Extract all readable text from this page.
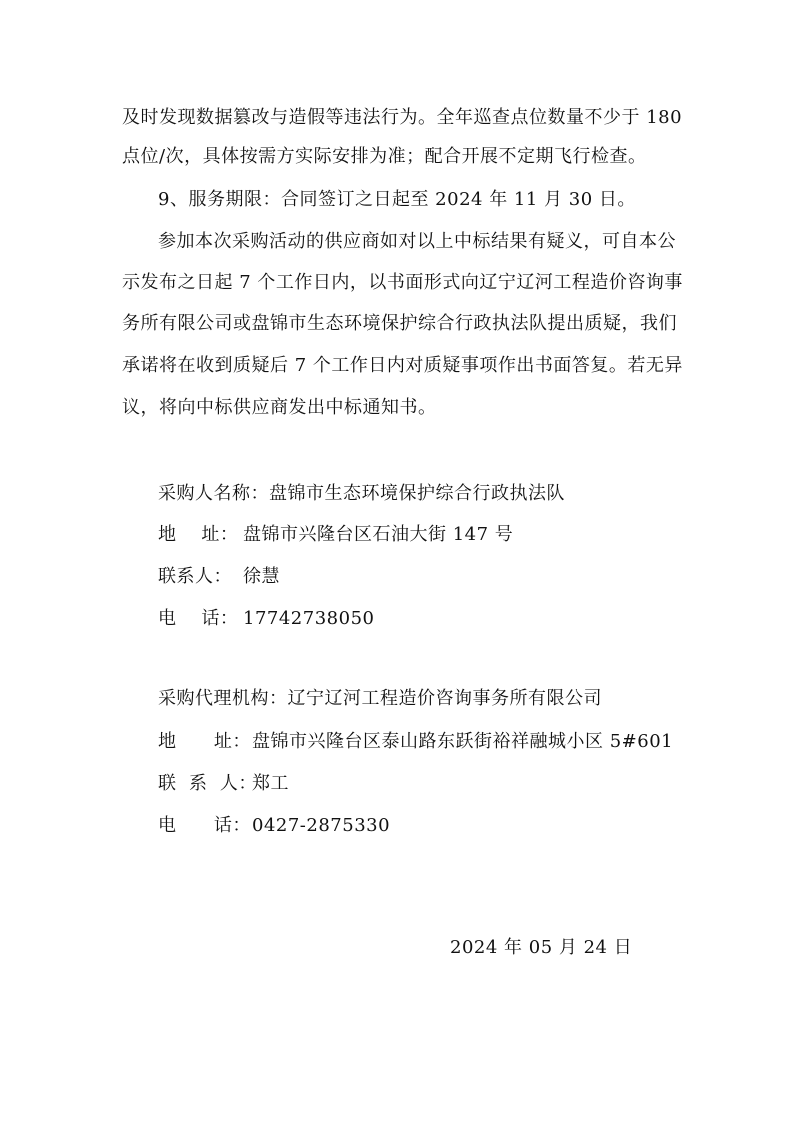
及时发现数据篡改与造假等违法行为。全年巡查点位数量不少于 180
点位/次，具体按需方实际安排为准；配合开展不定期飞行检查。
9、服务期限：合同签订之日起至 2024 年 11 月 30 日。
参加本次采购活动的供应商如对以上中标结果有疑义，可自本公
示发布之日起 7 个工作日内，以书面形式向辽宁辽河工程造价咨询事
务所有限公司或盘锦市生态环境保护综合行政执法队提出质疑，我们
承诺将在收到质疑后 7 个工作日内对质疑事项作出书面答复。若无异
议，将向中标供应商发出中标通知书。
采购人名称：盘锦市生态环境保护综合行政执法队
地    址： 盘锦市兴隆台区石油大街 147 号
联系人： 徐慧
电    话： 17742738050
采购代理机构：辽宁辽河工程造价咨询事务所有限公司
地      址：盘锦市兴隆台区泰山路东跃街裕祥融城小区 5#601
联  系  人：郑工
电      话：0427-2875330
2024 年 05 月 24 日
